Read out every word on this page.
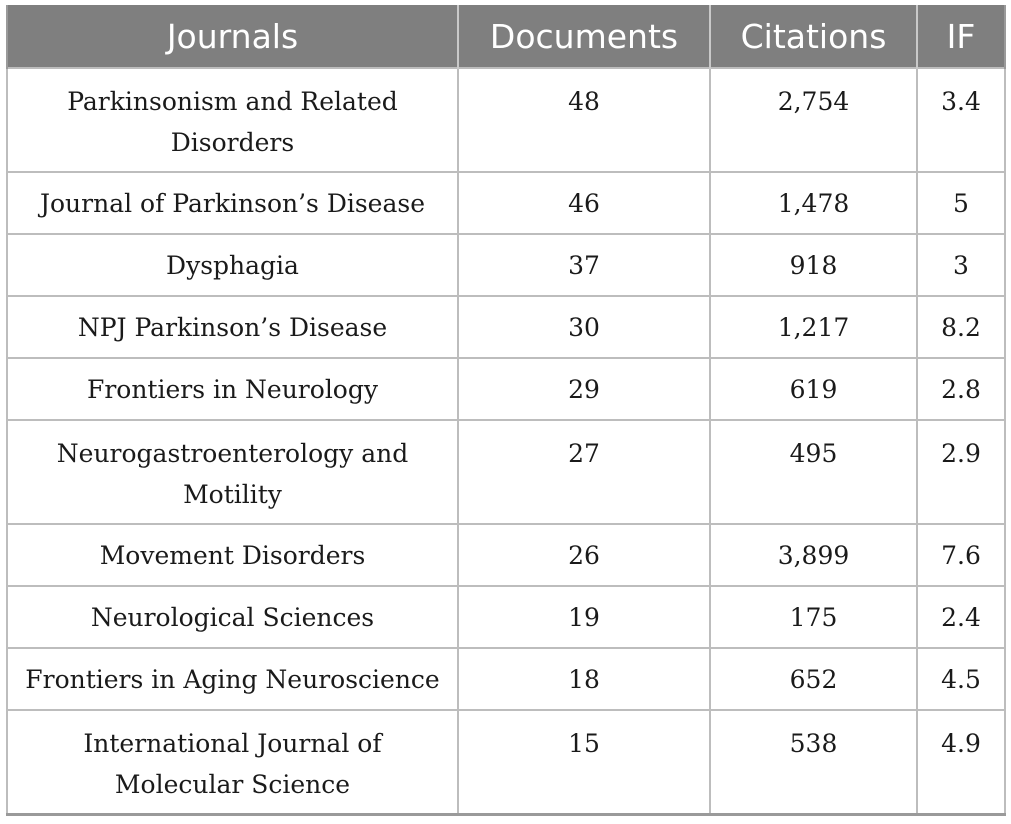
Journals	Documents	Citations	IF
Parkinsonism and Related Disorders	48	2,754	3.4
Journal of Parkinson’s Disease	46	1,478	5
Dysphagia	37	918	3
NPJ Parkinson’s Disease	30	1,217	8.2
Frontiers in Neurology	29	619	2.8
Neurogastroenterology and Motility	27	495	2.9
Movement Disorders	26	3,899	7.6
Neurological Sciences	19	175	2.4
Frontiers in Aging Neuroscience	18	652	4.5
International Journal of Molecular Science	15	538	4.9
